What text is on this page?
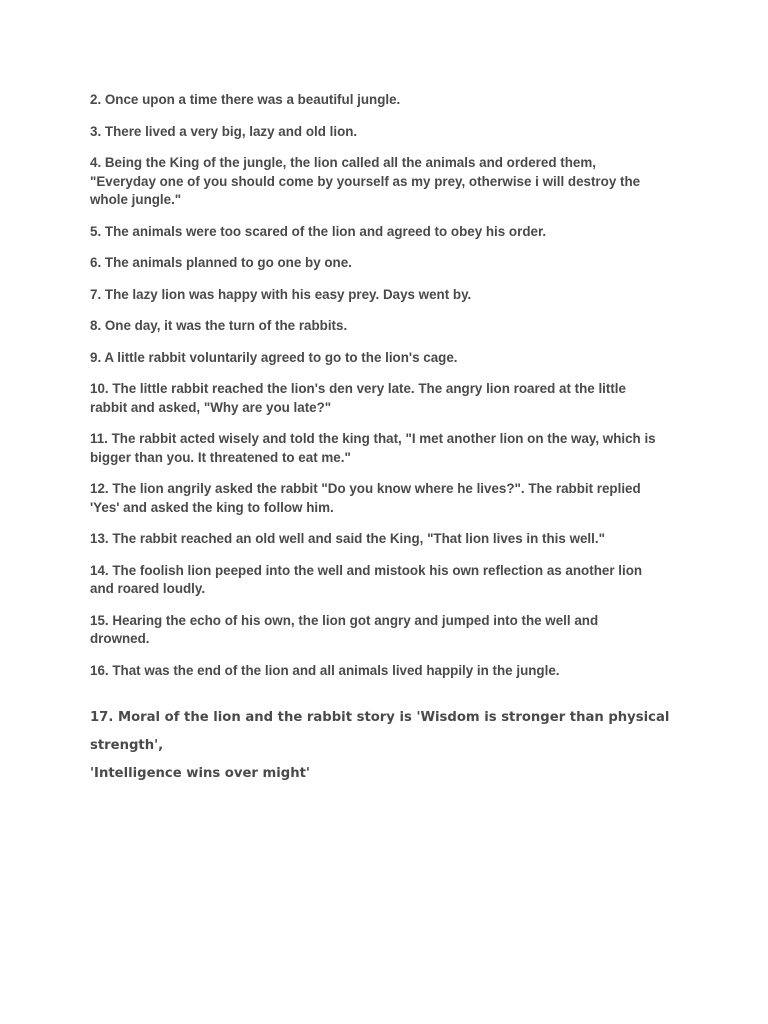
2. Once upon a time there was a beautiful jungle.

3. There lived a very big, lazy and old lion.

4. Being the King of the jungle, the lion called all the animals and ordered them,
"Everyday one of you should come by yourself as my prey, otherwise i will destroy the
whole jungle."

5. The animals were too scared of the lion and agreed to obey his order.

6. The animals planned to go one by one.

7. The lazy lion was happy with his easy prey. Days went by.

8. One day, it was the turn of the rabbits.

9. A little rabbit voluntarily agreed to go to the lion's cage.

10. The little rabbit reached the lion's den very late. The angry lion roared at the little
rabbit and asked, "Why are you late?"

11. The rabbit acted wisely and told the king that, "I met another lion on the way, which is
bigger than you. It threatened to eat me."

12. The lion angrily asked the rabbit "Do you know where he lives?". The rabbit replied
'Yes' and asked the king to follow him.

13. The rabbit reached an old well and said the King, "That lion lives in this well."

14. The foolish lion peeped into the well and mistook his own reflection as another lion
and roared loudly.

15. Hearing the echo of his own, the lion got angry and jumped into the well and
drowned.

16. That was the end of the lion and all animals lived happily in the jungle.

17. Moral of the lion and the rabbit story is 'Wisdom is stronger than physical
strength',
'Intelligence wins over might'
